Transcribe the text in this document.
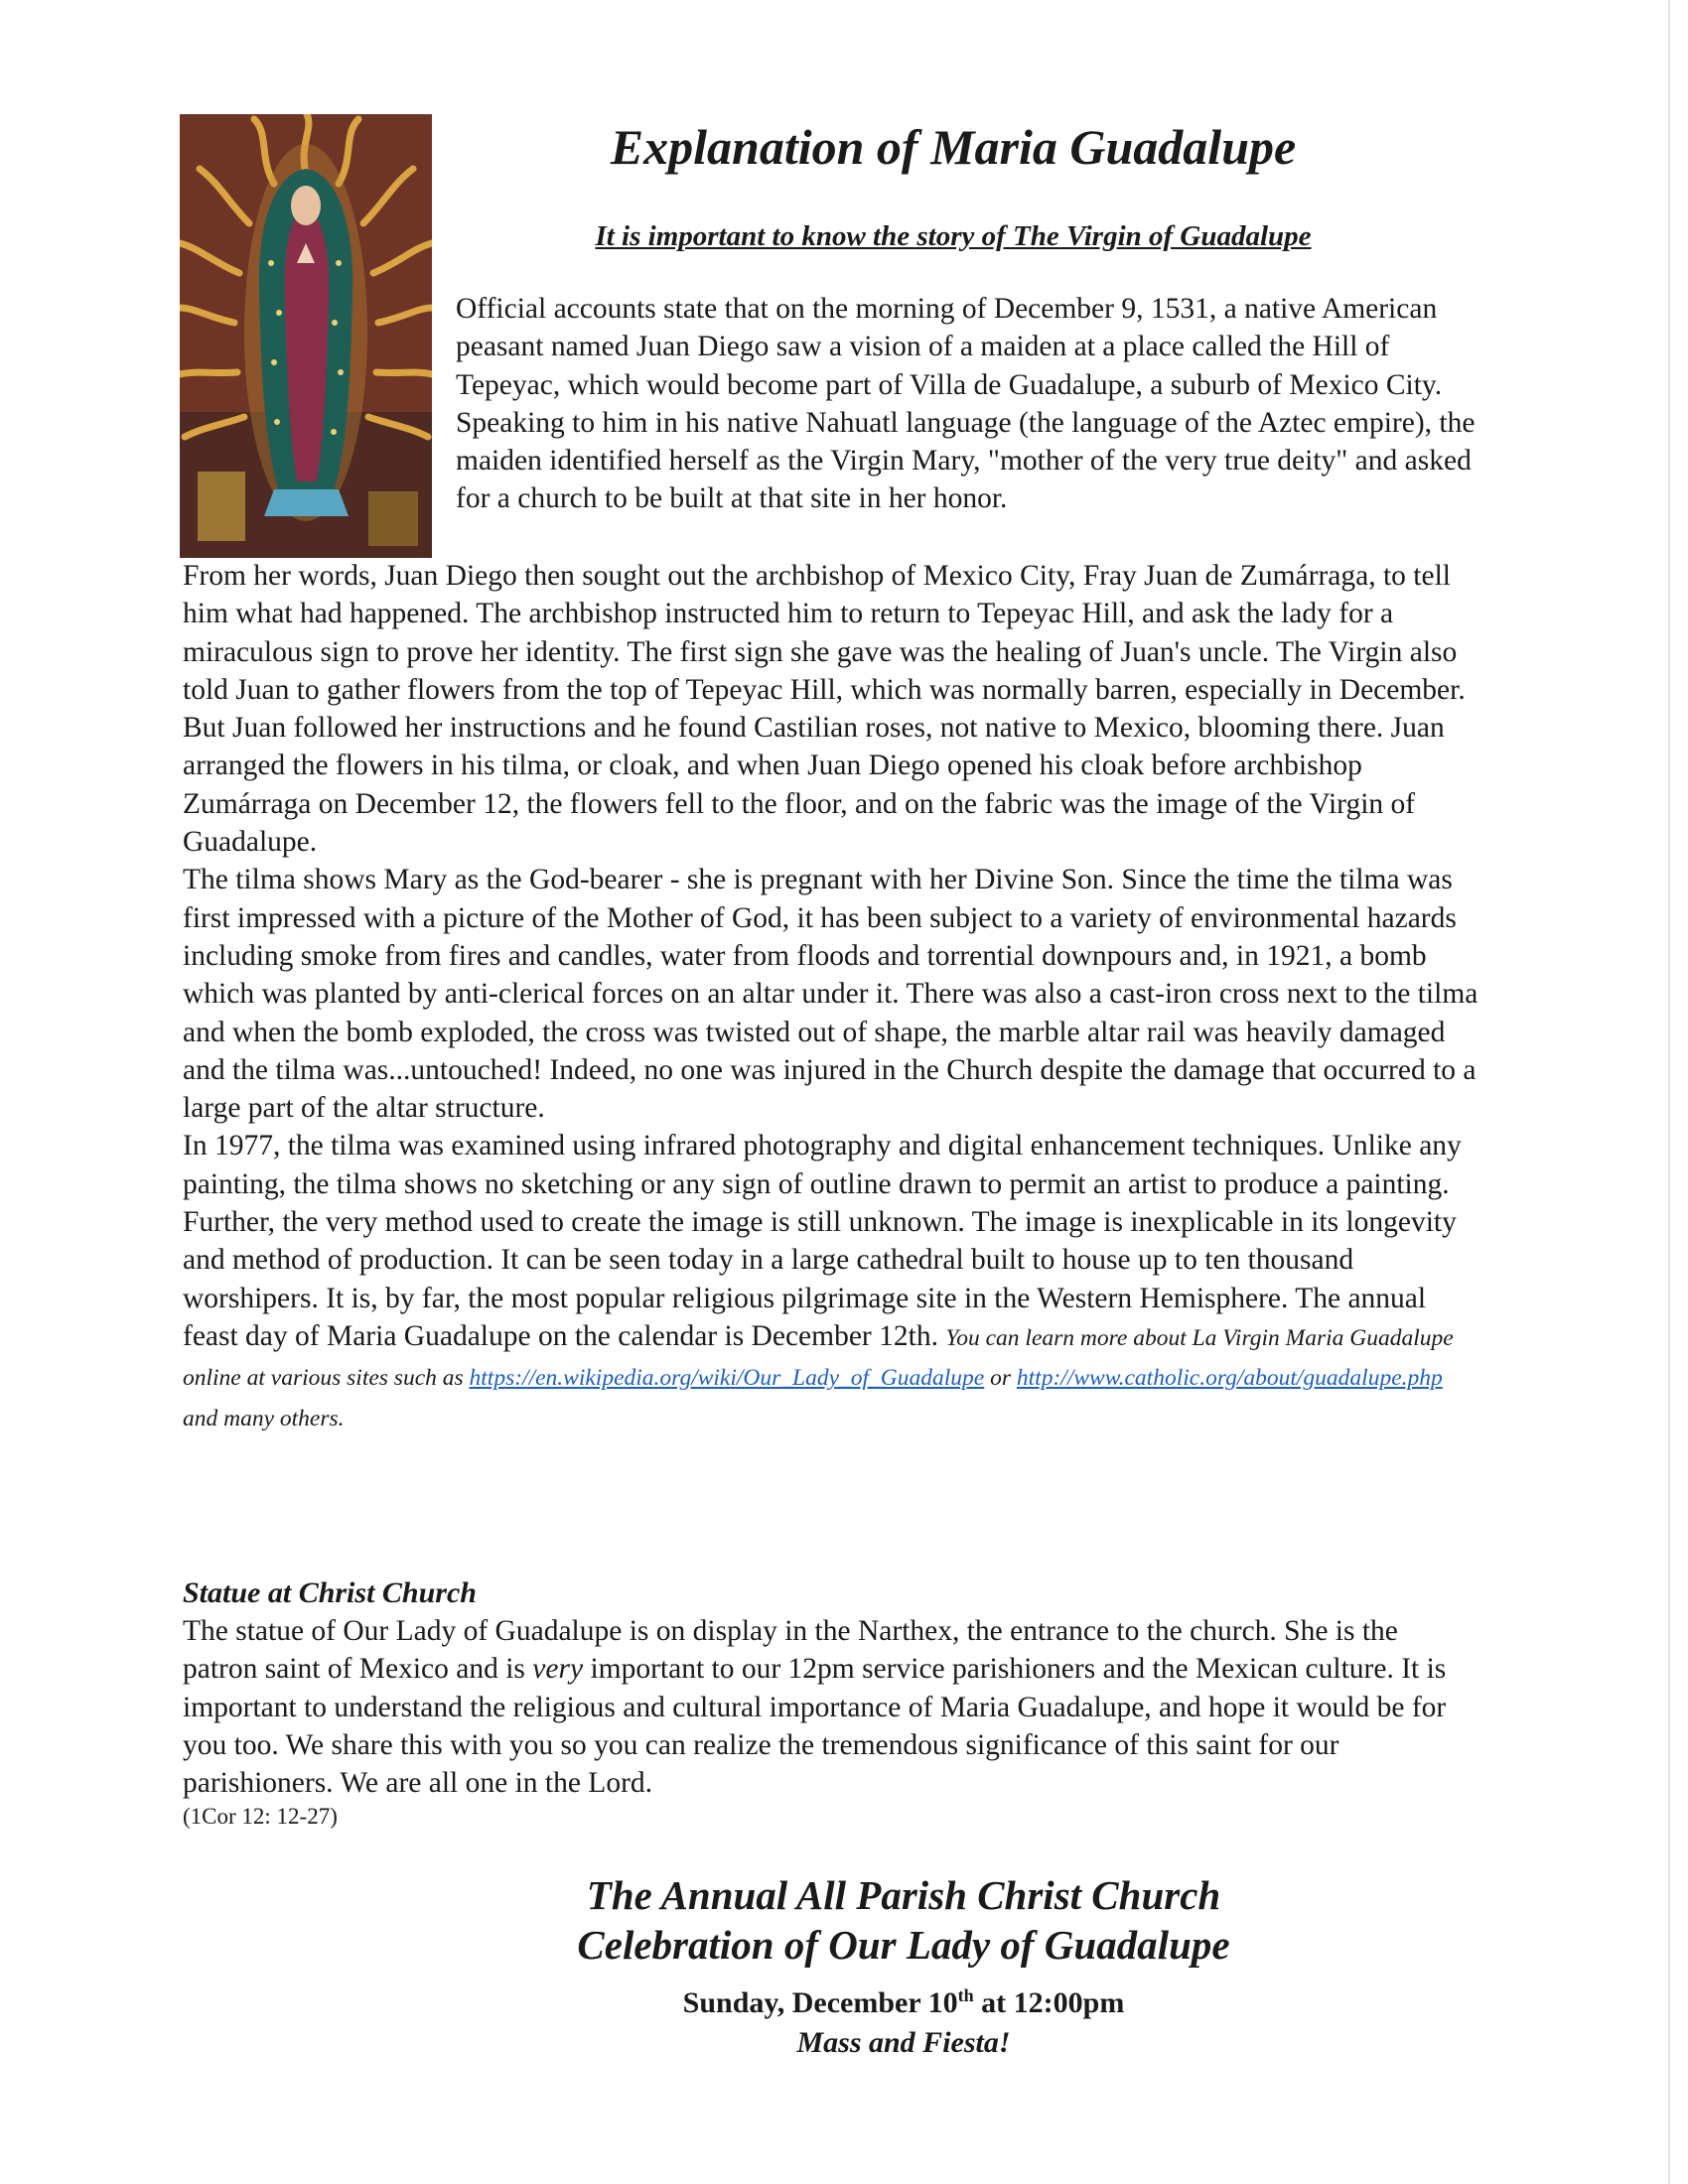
Explanation of Maria Guadalupe
It is important to know the story of The Virgin of Guadalupe
Official accounts state that on the morning of December 9, 1531, a native American peasant named Juan Diego saw a vision of a maiden at a place called the Hill of Tepeyac, which would become part of Villa de Guadalupe, a suburb of Mexico City. Speaking to him in his native Nahuatl language (the language of the Aztec empire), the maiden identified herself as the Virgin Mary, "mother of the very true deity" and asked for a church to be built at that site in her honor.

From her words, Juan Diego then sought out the archbishop of Mexico City, Fray Juan de Zumárraga, to tell him what had happened. The archbishop instructed him to return to Tepeyac Hill, and ask the lady for a miraculous sign to prove her identity. The first sign she gave was the healing of Juan's uncle. The Virgin also told Juan to gather flowers from the top of Tepeyac Hill, which was normally barren, especially in December. But Juan followed her instructions and he found Castilian roses, not native to Mexico, blooming there. Juan arranged the flowers in his tilma, or cloak, and when Juan Diego opened his cloak before archbishop Zumárraga on December 12, the flowers fell to the floor, and on the fabric was the image of the Virgin of Guadalupe.

The tilma shows Mary as the God-bearer - she is pregnant with her Divine Son. Since the time the tilma was first impressed with a picture of the Mother of God, it has been subject to a variety of environmental hazards including smoke from fires and candles, water from floods and torrential downpours and, in 1921, a bomb which was planted by anti-clerical forces on an altar under it. There was also a cast-iron cross next to the tilma and when the bomb exploded, the cross was twisted out of shape, the marble altar rail was heavily damaged and the tilma was...untouched! Indeed, no one was injured in the Church despite the damage that occurred to a large part of the altar structure.

In 1977, the tilma was examined using infrared photography and digital enhancement techniques. Unlike any painting, the tilma shows no sketching or any sign of outline drawn to permit an artist to produce a painting. Further, the very method used to create the image is still unknown. The image is inexplicable in its longevity and method of production. It can be seen today in a large cathedral built to house up to ten thousand worshipers. It is, by far, the most popular religious pilgrimage site in the Western Hemisphere. The annual feast day of Maria Guadalupe on the calendar is December 12th. You can learn more about La Virgin Maria Guadalupe online at various sites such as https://en.wikipedia.org/wiki/Our_Lady_of_Guadalupe or http://www.catholic.org/about/guadalupe.php and many others.

Statue at Christ Church

The statue of Our Lady of Guadalupe is on display in the Narthex, the entrance to the church. She is the patron saint of Mexico and is very important to our 12pm service parishioners and the Mexican culture. It is important to understand the religious and cultural importance of Maria Guadalupe, and hope it would be for you too. We share this with you so you can realize the tremendous significance of this saint for our parishioners. We are all one in the Lord.

(1Cor 12: 12-27)
The Annual All Parish Christ Church
Celebration of Our Lady of Guadalupe
Sunday, December 10th at 12:00pm
Mass and Fiesta!
